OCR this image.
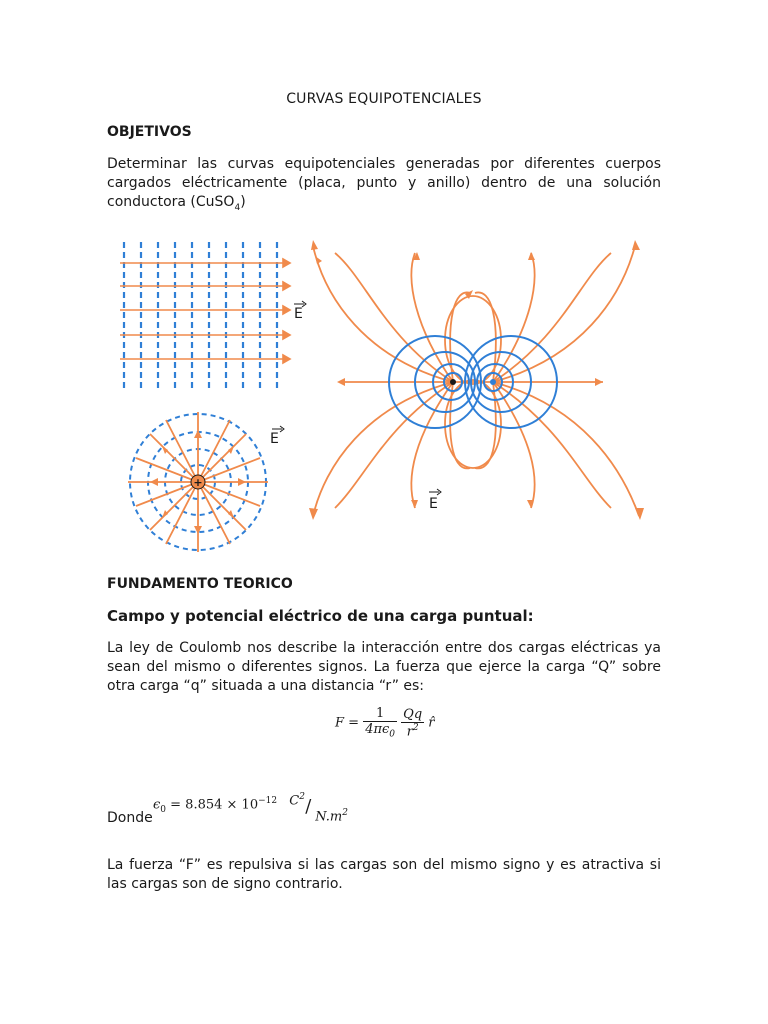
CURVAS EQUIPOTENCIALES
OBJETIVOS
Determinar las curvas equipotenciales generadas por diferentes cuerpos cargados eléctricamente (placa, punto y anillo) dentro de una solución conductora (CuSO$_4$)
E
+
E
E
FUNDAMENTO TEORICO
Campo y potencial eléctrico de una carga puntual:
La ley de Coulomb nos describe la interacción entre dos cargas eléctricas ya sean del mismo o diferentes signos. La fuerza que ejerce la carga “Q” sobre otra carga “q” situada a una distancia “r” es:
$F = \frac{1}{4\pi\epsilon_0}$
$\frac{Qq}{r^2}$ r̂
Donde
$\epsilon_0 = 8.854 \times 10^{-12}$ $C^2 / N.m^2$
La fuerza “F” es repulsiva si las cargas son del mismo signo y es atractiva si las cargas son de signo contrario.
